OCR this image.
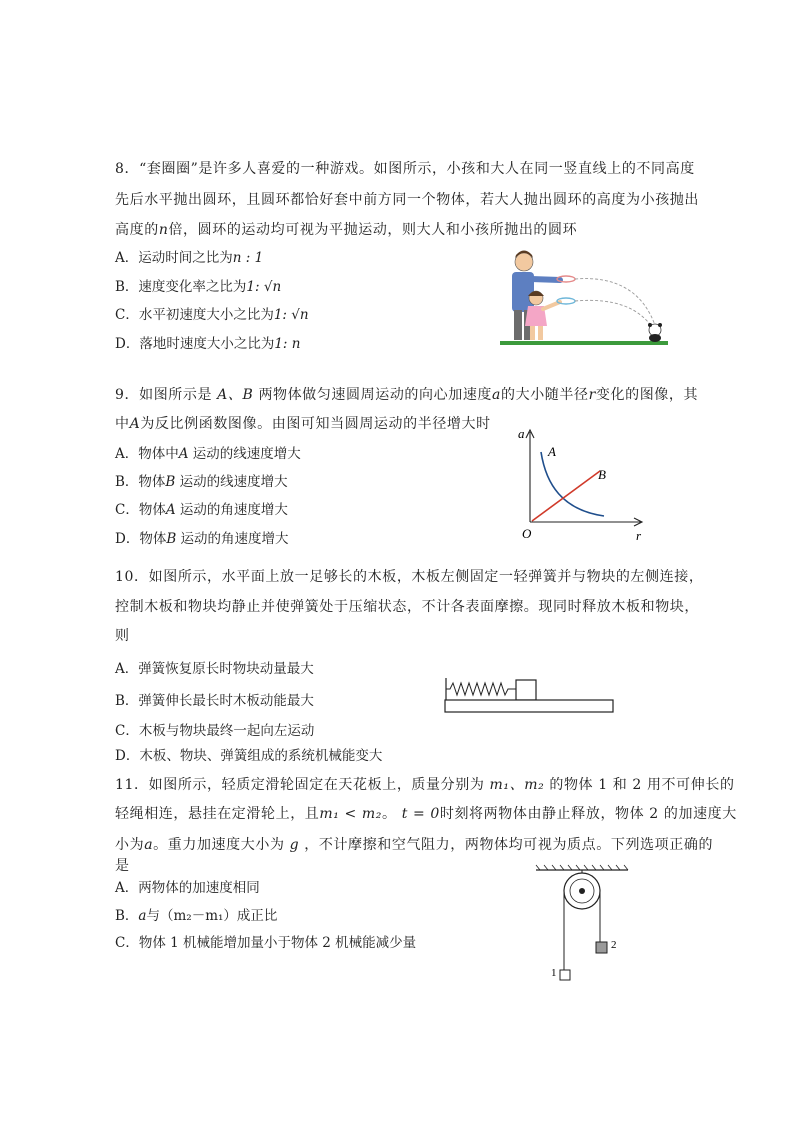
8．“套圈圈”是许多人喜爱的一种游戏。如图所示，小孩和大人在同一竖直线上的不同高度
先后水平抛出圆环，且圆环都恰好套中前方同一个物体，若大人抛出圆环的高度为小孩抛出
高度的n倍，圆环的运动均可视为平抛运动，则大人和小孩所抛出的圆环
A．运动时间之比为n : 1
B．速度变化率之比为1: √n
C．水平初速度大小之比为1: √n
D．落地时速度大小之比为1: n
9．如图所示是 A、B 两物体做匀速圆周运动的向心加速度a的大小随半径r变化的图像，其
中A为反比例函数图像。由图可知当圆周运动的半径增大时
A．物体中A 运动的线速度增大
B．物体B 运动的线速度增大
C．物体A 运动的角速度增大
D．物体B 运动的角速度增大
a
r
O
A
B
10．如图所示，水平面上放一足够长的木板，木板左侧固定一轻弹簧并与物块的左侧连接，
控制木板和物块均静止并使弹簧处于压缩状态，不计各表面摩擦。现同时释放木板和物块，
则
A．弹簧恢复原长时物块动量最大
B．弹簧伸长最长时木板动能最大
C．木板与物块最终一起向左运动
D．木板、物块、弹簧组成的系统机械能变大
11．如图所示，轻质定滑轮固定在天花板上，质量分别为 m₁、m₂ 的物体 1 和 2 用不可伸长的
轻绳相连，悬挂在定滑轮上，且m₁ < m₂。 t = 0时刻将两物体由静止释放，物体 2 的加速度大
小为a。重力加速度大小为 g ，不计摩擦和空气阻力，两物体均可视为质点。下列选项正确的
是
A．两物体的加速度相同
B．a与（m₂－m₁）成正比
C．物体 1 机械能增加量小于物体 2 机械能减少量
1
2
